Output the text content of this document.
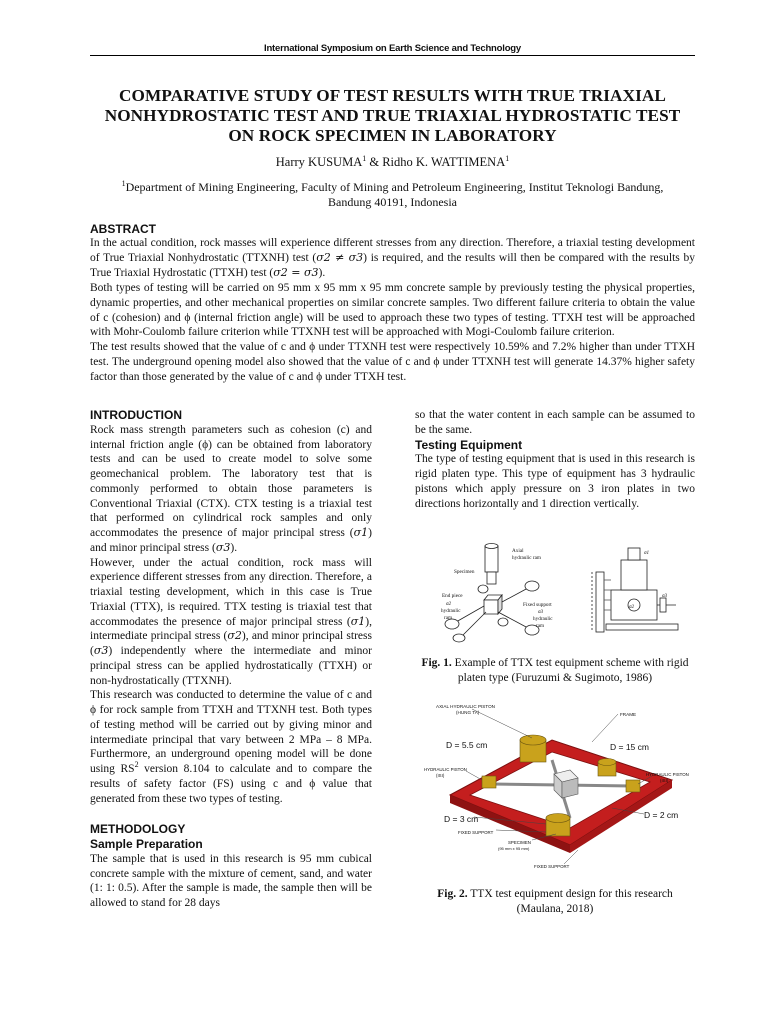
International Symposium on Earth Science and Technology
COMPARATIVE STUDY OF TEST RESULTS WITH TRUE TRIAXIAL NONHYDROSTATIC TEST AND TRUE TRIAXIAL HYDROSTATIC TEST ON ROCK SPECIMEN IN LABORATORY
Harry KUSUMA$^1$ & Ridho K. WATTIMENA$^1$
$^1$Department of Mining Engineering, Faculty of Mining and Petroleum Engineering, Institut Teknologi Bandung, Bandung 40191, Indonesia
ABSTRACT

In the actual condition, rock masses will experience different stresses from any direction. Therefore, a triaxial testing development of True Triaxial Nonhydrostatic (TTXNH) test (σ2 ≠ σ3) is required, and the results will then be compared with the results by True Triaxial Hydrostatic (TTXH) test (σ2 = σ3).

Both types of testing will be carried on 95 mm x 95 mm x 95 mm concrete sample by previously testing the physical properties, dynamic properties, and other mechanical properties on similar concrete samples. Two different failure criteria to obtain the value of c (cohesion) and ϕ (internal friction angle) will be used to approach these two types of testing. TTXH test will be approached with Mohr-Coulomb failure criterion while TTXNH test will be approached with Mogi-Coulomb failure criterion.

The test results showed that the value of c and ϕ under TTXNH test were respectively 10.59% and 7.2% higher than under TTXH test. The underground opening model also showed that the value of c and ϕ under TTXNH test will generate 14.37% higher safety factor than those generated by the value of c and ϕ under TTXH test.

INTRODUCTION

Rock mass strength parameters such as cohesion (c) and internal friction angle (ϕ) can be obtained from laboratory tests and can be used to create model to solve some geomechanical problem. The laboratory test that is commonly performed to obtain those parameters is Conventional Triaxial (CTX). CTX testing is a triaxial test that performed on cylindrical rock samples and only accommodates the presence of major principal stress (σ1) and minor principal stress (σ3).

However, under the actual condition, rock mass will experience different stresses from any direction. Therefore, a triaxial testing development, which in this case is True Triaxial (TTX), is required. TTX testing is triaxial test that accommodates the presence of major principal stress (σ1), intermediate principal stress (σ2), and minor principal stress (σ3) independently where the intermediate and minor principal stress can be applied hydrostatically (TTXH) or non-hydrostatically (TTXNH).

This research was conducted to determine the value of c and ϕ for rock sample from TTXH and TTXNH test. Both types of testing method will be carried out by giving minor and intermediate principal that vary between 2 MPa – 8 MPa. Furthermore, an underground opening model will be done using $RS^2$ version 8.104 to calculate and to compare the results of safety factor (FS) using c and ϕ value that generated from these two types of testing.

METHODOLOGY
Sample Preparation

The sample that is used in this research is 95 mm cubical concrete sample with the mixture of cement, sand, and water (1: 1: 0.5). After the sample is made, the sample then will be allowed to stand for 28 days

so that the water content in each sample can be assumed to be the same.

Testing Equipment

The type of testing equipment that is used in this research is rigid platen type. This type of equipment has 3 hydraulic pistons which apply pressure on 3 iron plates in two directions horizontally and 1 direction vertically.

Axial
hydraulic ram
Specimen
End piece
σ2
hydraulic
ram
Fixed support
σ3
hydraulic
ram
σ1
σ2
σ3
Fig. 1. Example of TTX test equipment scheme with rigid platen type (Furuzumi & Sugimoto, 1986)
AXIAL HYDRAULIC PISTON
(HUNG TA)	FRAME
D = 5.5 cm	D = 15 cm
HYDRAULIC PISTON
(ISI)	HYDRAULIC PISTON
(ISI)
D = 2 cm
D = 3 cm
FIXED SUPPORT
SPECIMEN
(95 mm x 95 mm)
FIXED SUPPORT
Fig. 2. TTX test equipment design for this research (Maulana, 2018)
